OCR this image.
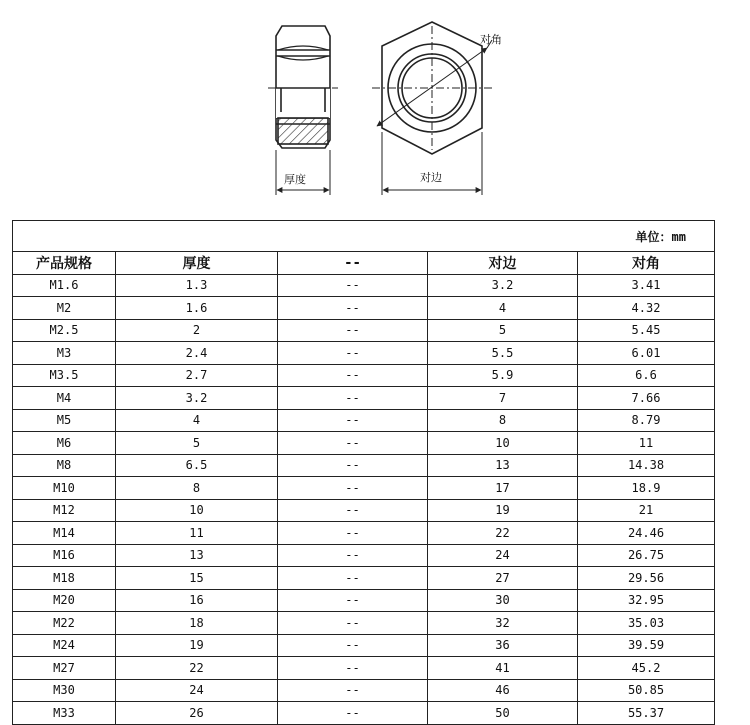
厚度
对角
对边
单位：mm				
产品规格	厚度	--	对边	对角
M1.6	1.3	--	3.2	3.41
M2	1.6	--	4	4.32
M2.5	2	--	5	5.45
M3	2.4	--	5.5	6.01
M3.5	2.7	--	5.9	6.6
M4	3.2	--	7	7.66
M5	4	--	8	8.79
M6	5	--	10	11
M8	6.5	--	13	14.38
M10	8	--	17	18.9
M12	10	--	19	21
M14	11	--	22	24.46
M16	13	--	24	26.75
M18	15	--	27	29.56
M20	16	--	30	32.95
M22	18	--	32	35.03
M24	19	--	36	39.59
M27	22	--	41	45.2
M30	24	--	46	50.85
M33	26	--	50	55.37
